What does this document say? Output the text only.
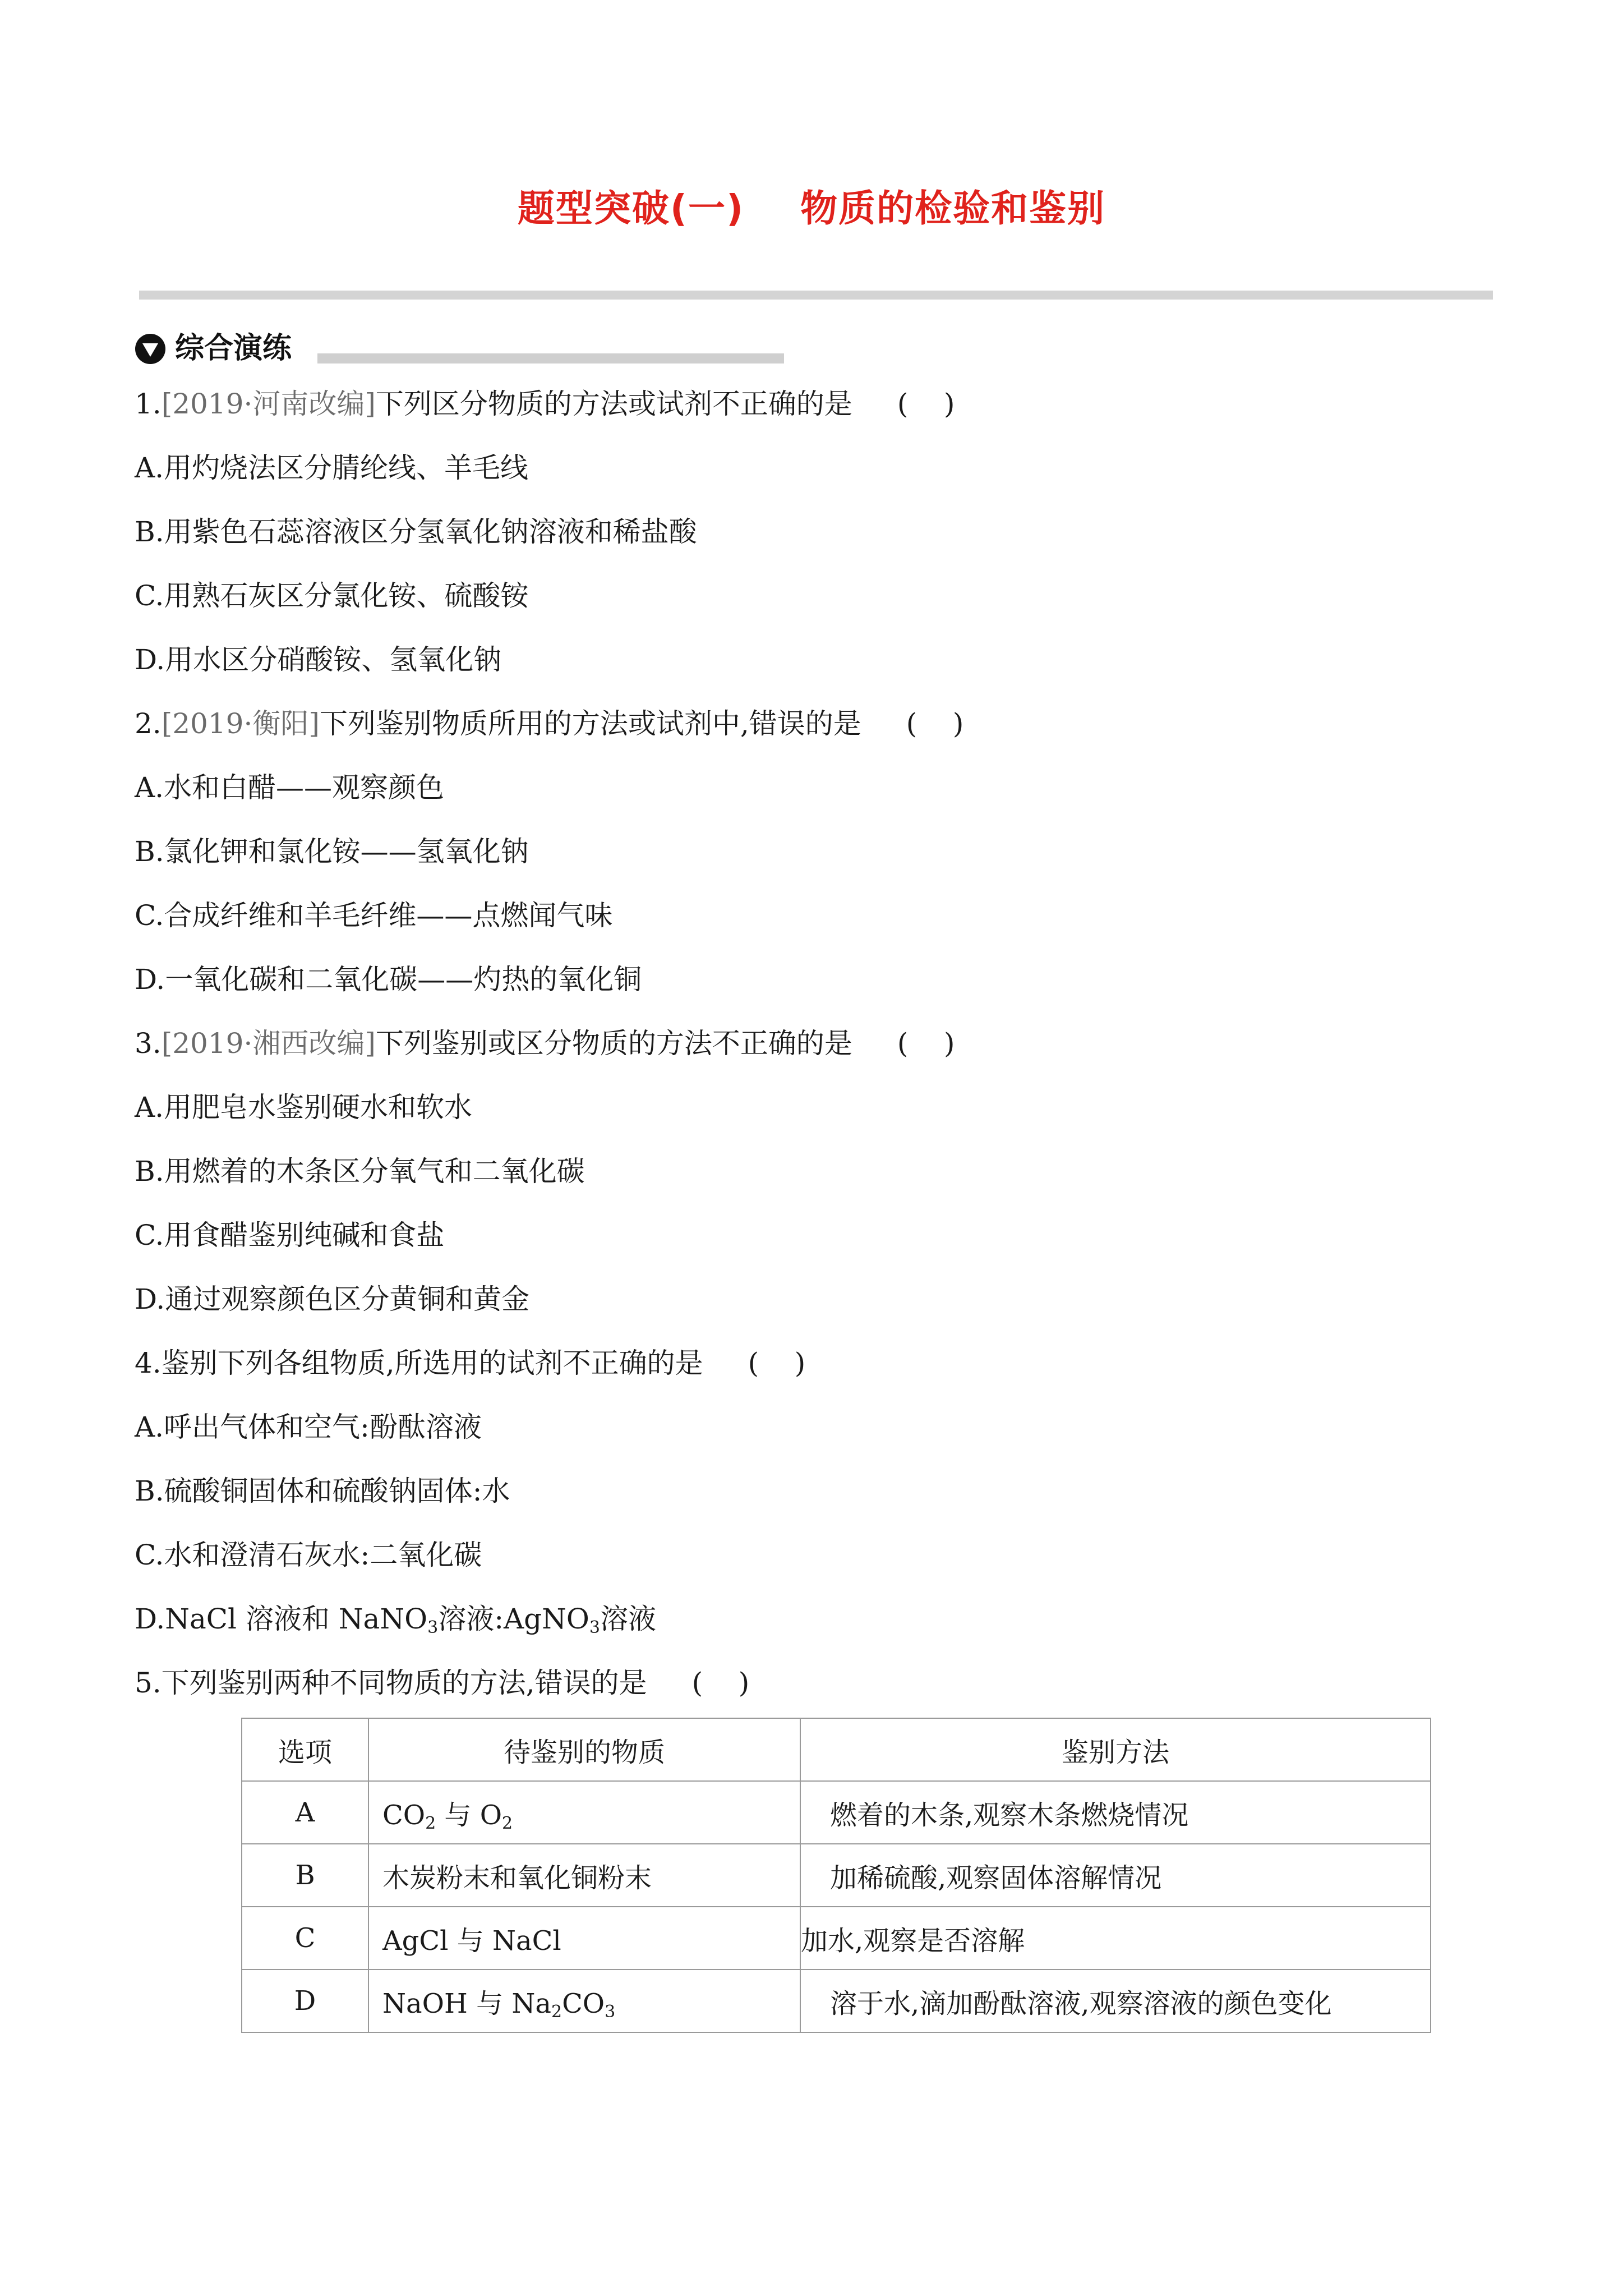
题型突破(一)    物质的检验和鉴别
综合演练
1.[2019·河南改编]下列区分物质的方法或试剂不正确的是 (    )
A.用灼烧法区分腈纶线、羊毛线
B.用紫色石蕊溶液区分氢氧化钠溶液和稀盐酸
C.用熟石灰区分氯化铵、硫酸铵
D.用水区分硝酸铵、氢氧化钠
2.[2019·衡阳]下列鉴别物质所用的方法或试剂中,错误的是 (    )
A.水和白醋——观察颜色
B.氯化钾和氯化铵——氢氧化钠
C.合成纤维和羊毛纤维——点燃闻气味
D.一氧化碳和二氧化碳——灼热的氧化铜
3.[2019·湘西改编]下列鉴别或区分物质的方法不正确的是 (    )
A.用肥皂水鉴别硬水和软水
B.用燃着的木条区分氧气和二氧化碳
C.用食醋鉴别纯碱和食盐
D.通过观察颜色区分黄铜和黄金
4.鉴别下列各组物质,所选用的试剂不正确的是 (    )
A.呼出气体和空气:酚酞溶液
B.硫酸铜固体和硫酸钠固体:水
C.水和澄清石灰水:二氧化碳
D.NaCl 溶液和 NaNO$_3$溶液:AgNO$_3$溶液
5.下列鉴别两种不同物质的方法,错误的是 (    )
选项	待鉴别的物质	鉴别方法
A	$CO_2$ 与 $O_2$	燃着的木条,观察木条燃烧情况
B	木炭粉末和氧化铜粉末	加稀硫酸,观察固体溶解情况
C	AgCl 与 NaCl	加水,观察是否溶解
D	NaOH 与 $Na_2CO_3$	溶于水,滴加酚酞溶液,观察溶液的颜色变化
